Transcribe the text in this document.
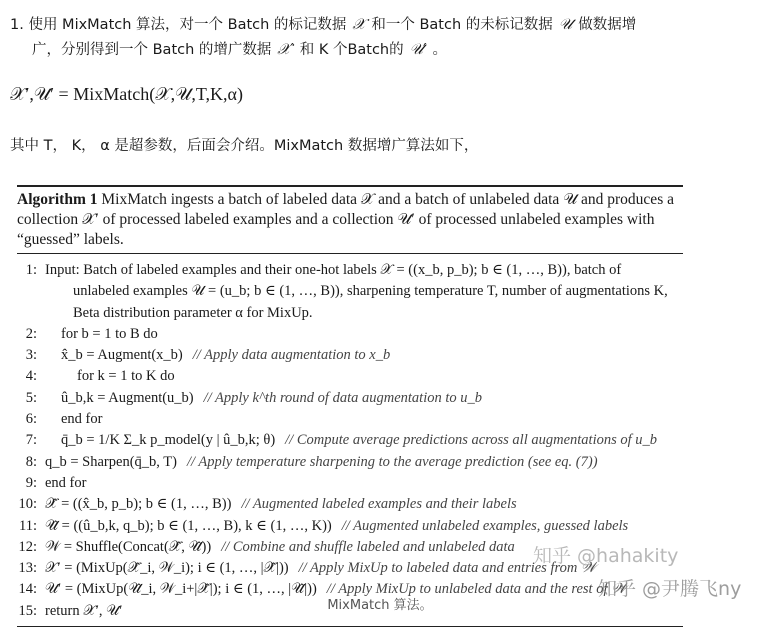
1. 使用 MixMatch 算法，对一个 Batch 的标记数据 𝒳 和一个 Batch 的未标记数据 𝒰 做数据增
广，分别得到一个 Batch 的增广数据 𝒳′ 和 K 个Batch的 𝒰′ 。
𝒳′,𝒰′ = MixMatch(𝒳,𝒰,T,K,α)
其中 T， K， α 是超参数，后面会介绍。MixMatch 数据增广算法如下，
Algorithm 1 MixMatch ingests a batch of labeled data 𝒳 and a batch of unlabeled data 𝒰 and produces a collection 𝒳′ of processed labeled examples and a collection 𝒰′ of processed unlabeled examples with “guessed” labels.
1: Input: Batch of labeled examples and their one-hot labels 𝒳 = ((x_b, p_b); b ∈ (1, …, B)), batch of
unlabeled examples 𝒰 = (u_b; b ∈ (1, …, B)), sharpening temperature T, number of augmentations K,
Beta distribution parameter α for MixUp.
2:	for b = 1 to B do
3:	x̂_b = Augment(x_b) // Apply data augmentation to x_b
4:	for k = 1 to K do
5:	û_b,k = Augment(u_b) // Apply k^th round of data augmentation to u_b
6:	end for
7:	q̄_b = 1/K Σ_k p_model(y | û_b,k; θ) // Compute average predictions across all augmentations of u_b
8: q_b = Sharpen(q̄_b, T) // Apply temperature sharpening to the average prediction (see eq. (7))
9: end for
10: 𝒳̂ = ((x̂_b, p_b); b ∈ (1, …, B)) // Augmented labeled examples and their labels
11: 𝒰̂ = ((û_b,k, q_b); b ∈ (1, …, B), k ∈ (1, …, K)) // Augmented unlabeled examples, guessed labels
12: 𝒲 = Shuffle(Concat(𝒳̂, 𝒰̂)) // Combine and shuffle labeled and unlabeled data
13: 𝒳′ = (MixUp(𝒳̂_i, 𝒲_i); i ∈ (1, …, |𝒳̂|)) // Apply MixUp to labeled data and entries from 𝒲
14: 𝒰′ = (MixUp(𝒰̂_i, 𝒲_i+|𝒳̂|); i ∈ (1, …, |𝒰̂|)) // Apply MixUp to unlabeled data and the rest of 𝒲
15: return 𝒳′, 𝒰′
知乎 @hahakity
知乎 @尹腾飞ny
MixMatch 算法。
